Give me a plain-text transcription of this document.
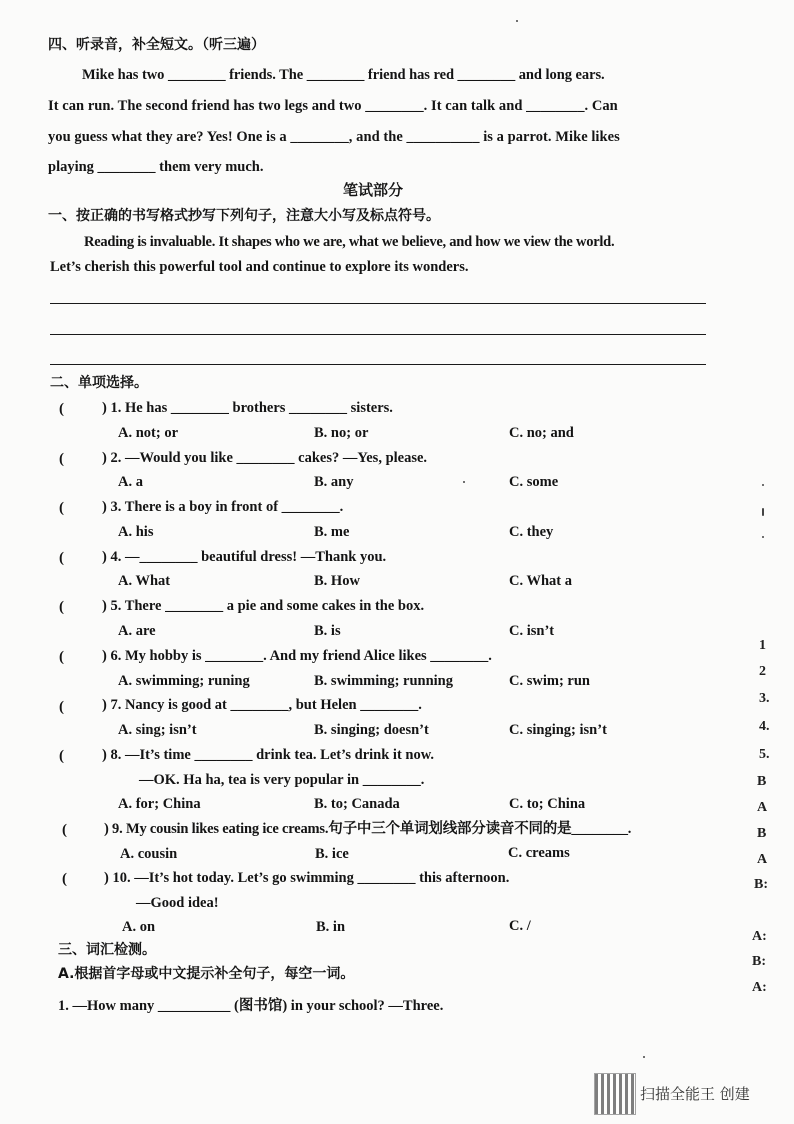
四、听录音，补全短文。（听三遍）
Mike has two ________ friends. The ________ friend has red ________ and long ears.
It can run. The second friend has two legs and two ________. It can talk and ________. Can
you guess what they are? Yes! One is a ________, and the __________ is a parrot. Mike likes
playing ________ them very much.
笔试部分
一、按正确的书写格式抄写下列句子，注意大小写及标点符号。
Reading is invaluable. It shapes who we are, what we believe, and how we view the world.
Let’s cherish this powerful tool and continue to explore its wonders.
二、单项选择。
(	) 1. He has ________ brothers ________ sisters.
A. not; or	B. no; or	C. no; and
(	) 2. —Would you like ________ cakes? —Yes, please.
A. a	B. any	C. some
(	) 3. There is a boy in front of ________.
A. his	B. me	C. they
(	) 4. —________ beautiful dress! —Thank you.
A. What	B. How	C. What a
(	) 5. There ________ a pie and some cakes in the box.
A. are	B. is	C. isn’t
(	) 6. My hobby is ________. And my friend Alice likes ________.
A. swimming; runing	B. swimming; running	C. swim; run
(	) 7. Nancy is good at ________, but Helen ________.
A. sing; isn’t	B. singing; doesn’t	C. singing; isn’t
(	) 8. —It’s time ________ drink tea. Let’s drink it now.
—OK. Ha ha, tea is very popular in ________.
A. for; China	B. to; Canada	C. to; China
(	) 9. My cousin likes eating ice creams.句子中三个单词划线部分读音不同的是________.
A. cousin	B. ice	C. creams
(	) 10. —It’s hot today. Let’s go swimming ________ this afternoon.
—Good idea!
A. on	B. in	C. /
三、词汇检测。
A.根据首字母或中文提示补全句子，每空一词。
1. —How many __________ (图书馆) in your school? —Three.
1
2
3.
4.
5.
B
A
B
A
B:
A:
B:
A:
扫描全能王 创建
